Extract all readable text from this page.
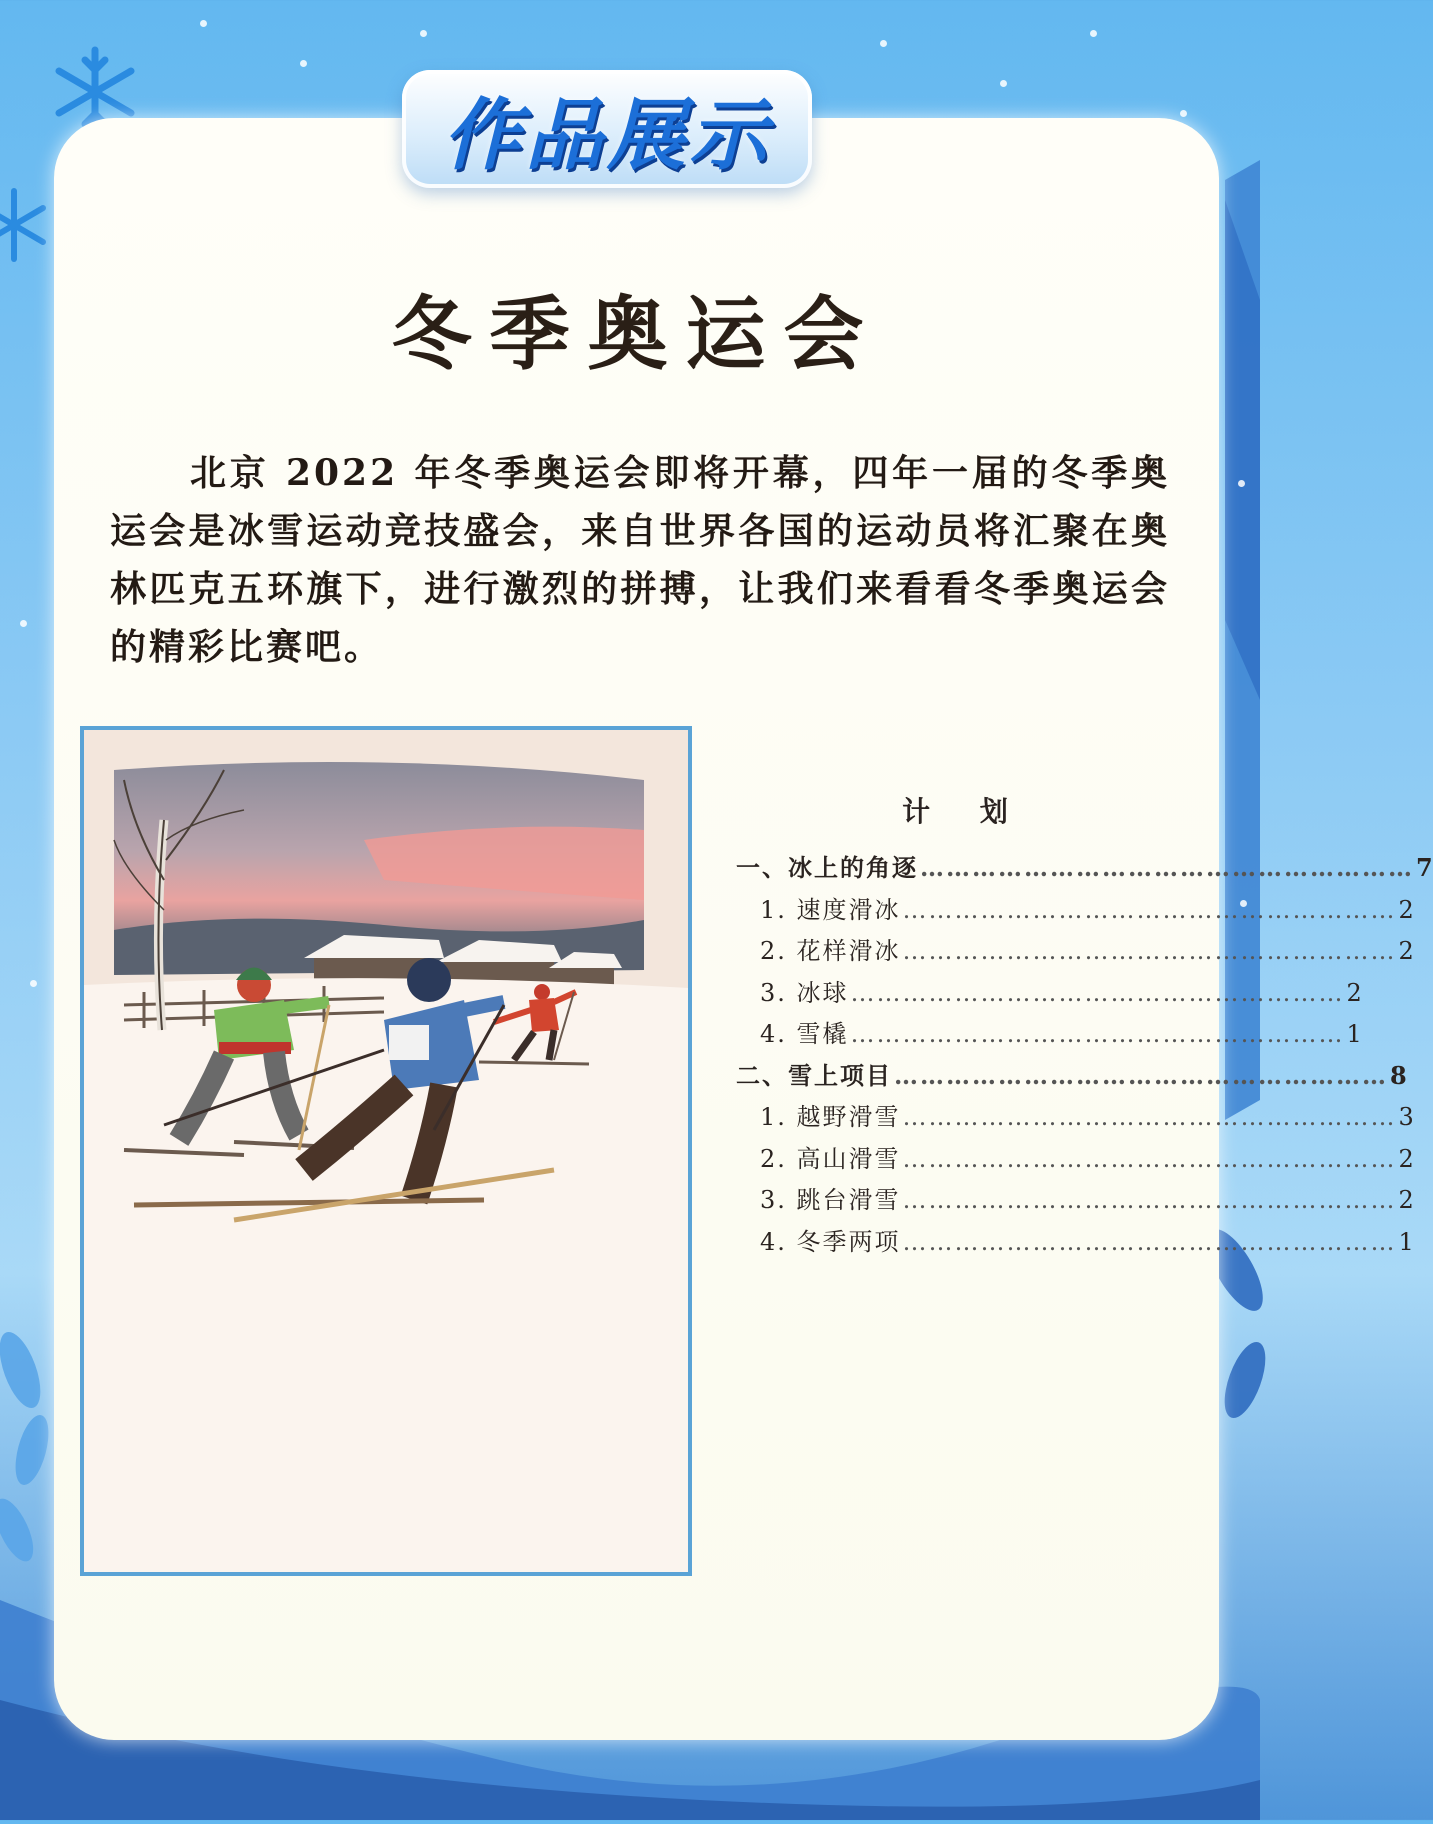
作品展示
冬季奥运会

北京 2022 年冬季奥运会即将开幕，四年一届的冬季奥运会是冰雪运动竞技盛会，来自世界各国的运动员将汇聚在奥林匹克五环旗下，进行激烈的拼搏，让我们来看看冬季奥运会的精彩比赛吧。

计 划
一、冰上的角逐 ………………………………………………… 7
1. 速度滑冰 ………………………………………………… 2
2. 花样滑冰 ………………………………………………… 2
3. 冰球 ………………………………………………… 2
4. 雪橇 ………………………………………………… 1
二、雪上项目 ………………………………………………… 8
1. 越野滑雪 ………………………………………………… 3
2. 高山滑雪 ………………………………………………… 2
3. 跳台滑雪 ………………………………………………… 2
4. 冬季两项 ………………………………………………… 1
